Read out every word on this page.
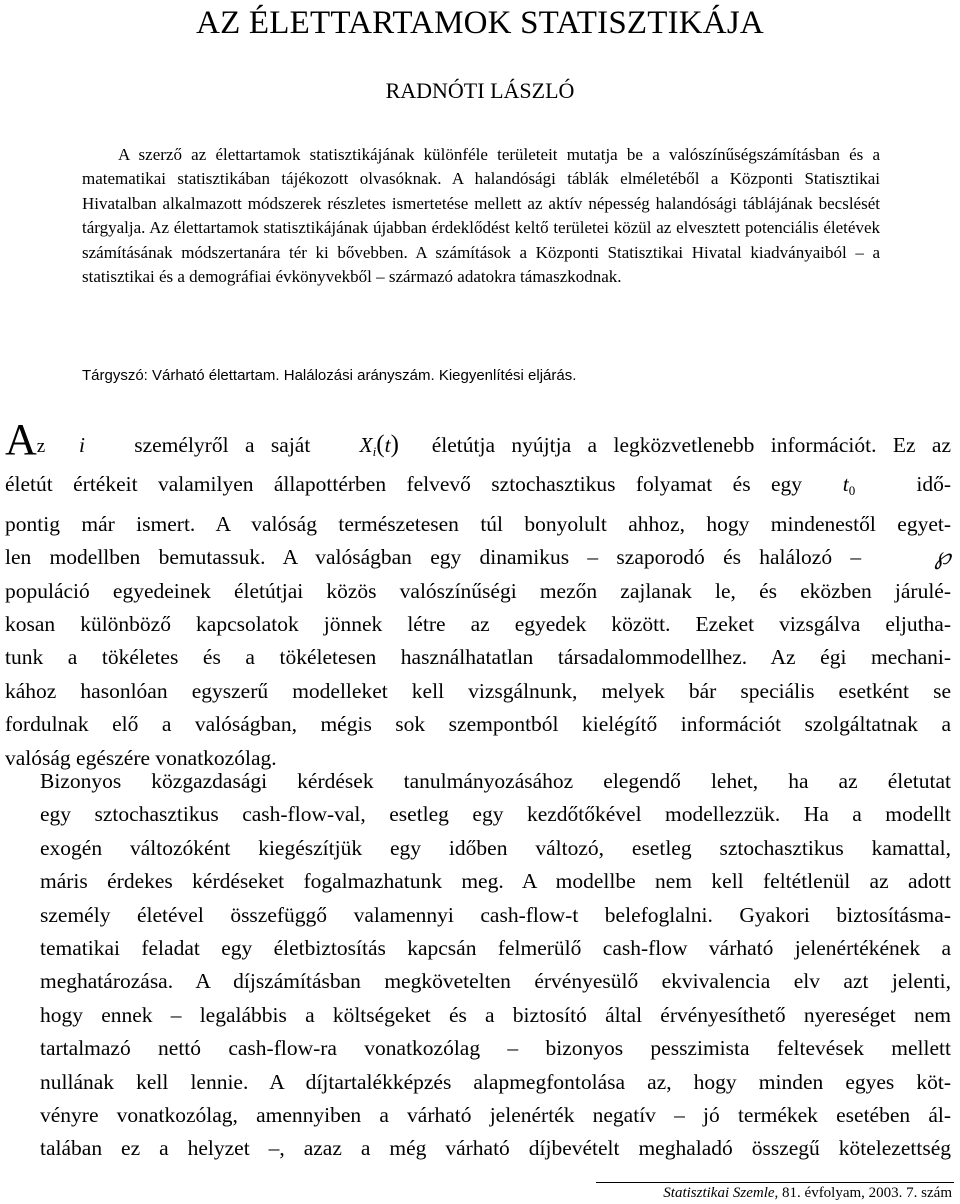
AZ ÉLETTARTAMOK STATISZTIKÁJA
RADNÓTI LÁSZLÓ

A szerző az élettartamok statisztikájának különféle területeit mutatja be a valószínűségszámításban és a matematikai statisztikában tájékozott olvasóknak. A halandósági táblák elméletéből a Központi Statisztikai Hivatalban alkalmazott módszerek részletes ismertetése mellett az aktív népesség halandósági táblájának becslését tárgyalja. Az élettartamok statisztikájának újabban érdeklődést keltő területei közül az elvesztett potenciális életévek számításának módszertanára tér ki bővebben. A számítások a Központi Statisztikai Hivatal kiadványaiból – a statisztikai és a demográfiai évkönyvekből – származó adatokra támaszkodnak.

Tárgyszó: Várható élettartam. Halálozási arányszám. Kiegyenlítési eljárás.
Az i személyről a saját $X_i(t)$ életútja nyújtja a legközvetlenebb információt. Ez az
életút értékeit valamilyen állapottérben felvevő sztochasztikus folyamat és egy $t_0$	idő-
pontig már ismert. A valóság természetesen túl bonyolult ahhoz, hogy mindenestől egyet-
len modellben bemutassuk. A valóságban egy dinamikus – szaporodó és halálozó –	℘
populáció egyedeinek életútjai közös valószínűségi mezőn zajlanak le, és eközben járulé-
kosan különböző kapcsolatok jönnek létre az egyedek között. Ezeket vizsgálva eljutha-
tunk a tökéletes és a tökéletesen használhatatlan társadalommodellhez. Az égi mechani-
kához hasonlóan egyszerű modelleket kell vizsgálnunk, melyek bár speciális esetként se
fordulnak elő a valóságban, mégis sok szempontból kielégítő információt szolgáltatnak a
valóság egészére vonatkozólag.
Bizonyos közgazdasági kérdések tanulmányozásához elegendő lehet, ha az életutat
egy sztochasztikus cash-flow-val, esetleg egy kezdőtőkével modellezzük. Ha a modellt
exogén változóként kiegészítjük egy időben változó, esetleg sztochasztikus kamattal,
máris érdekes kérdéseket fogalmazhatunk meg. A modellbe nem kell feltétlenül az adott
személy életével összefüggő valamennyi cash-flow-t belefoglalni. Gyakori biztosításma-
tematikai feladat egy életbiztosítás kapcsán felmerülő cash-flow várható jelenértékének a
meghatározása. A díjszámításban megkövetelten érvényesülő ekvivalencia elv azt jelenti,
hogy ennek – legalábbis a költségeket és a biztosító által érvényesíthető nyereséget nem
tartalmazó nettó cash-flow-ra vonatkozólag – bizonyos pesszimista feltevések mellett
nullának kell lennie. A díjtartalékképzés alapmegfontolása az, hogy minden egyes köt-
vényre vonatkozólag, amennyiben a várható jelenérték negatív – jó termékek esetében ál-
talában ez a helyzet –, azaz a még várható díjbevételt meghaladó összegű kötelezettség
Statisztikai Szemle, 81. évfolyam, 2003. 7. szám
